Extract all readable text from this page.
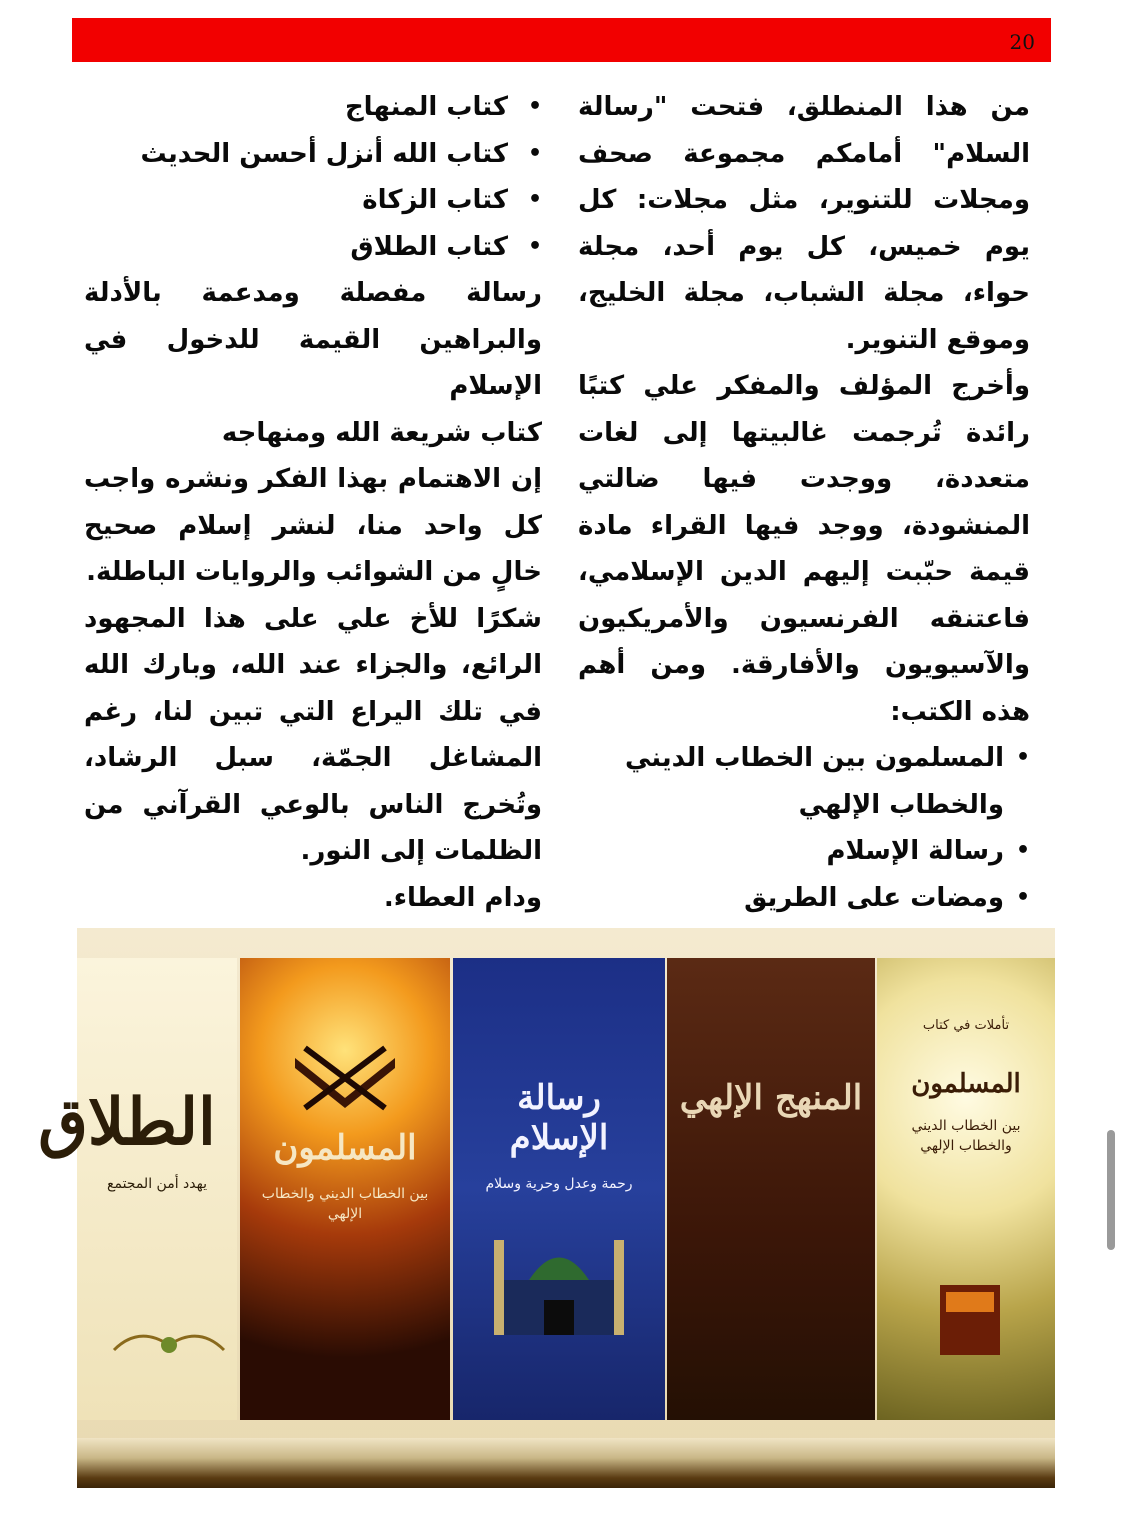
20

من هذا المنطلق، فتحت "رسالة السلام" أمامكم مجموعة صحف ومجلات للتنوير، مثل مجلات: كل يوم خميس، كل يوم أحد، مجلة حواء، مجلة الشباب، مجلة الخليج، وموقع التنوير.

وأخرج المؤلف والمفكر علي كتبًا رائدة تُرجمت غالبيتها إلى لغات متعددة، ووجدت فيها ضالتي المنشودة، ووجد فيها القراء مادة قيمة حبّبت إليهم الدين الإسلامي، فاعتنقه الفرنسيون والأمريكيون والآسيويون والأفارقة. ومن أهم هذه الكتب:

• المسلمون بين الخطاب الديني والخطاب الإلهي
• رسالة الإسلام
• ومضات على الطريق
• كتاب المنهاج
• كتاب الله أنزل أحسن الحديث
• كتاب الزكاة
• كتاب الطلاق

رسالة مفصلة ومدعمة بالأدلة والبراهين القيمة للدخول في الإسلام

كتاب شريعة الله ومنهاجه

إن الاهتمام بهذا الفكر ونشره واجب كل واحد منا، لنشر إسلام صحيح خالٍ من الشوائب والروايات الباطلة.

شكرًا للأخ علي على هذا المجهود الرائع، والجزاء عند الله، وبارك الله في تلك اليراع التي تبين لنا، رغم المشاغل الجمّة، سبل الرشاد، وتُخرج الناس بالوعي القرآني من الظلمات إلى النور.

ودام العطاء.

الطلاق
يهدد أمن المجتمع
المسلمون
بين الخطاب الديني والخطاب الإلهي
رسالة الإسلام
رحمة وعدل وحرية وسلام
المنهج الإلهي
تأملات في كتاب
المسلمون
بين الخطاب الديني والخطاب الإلهي
